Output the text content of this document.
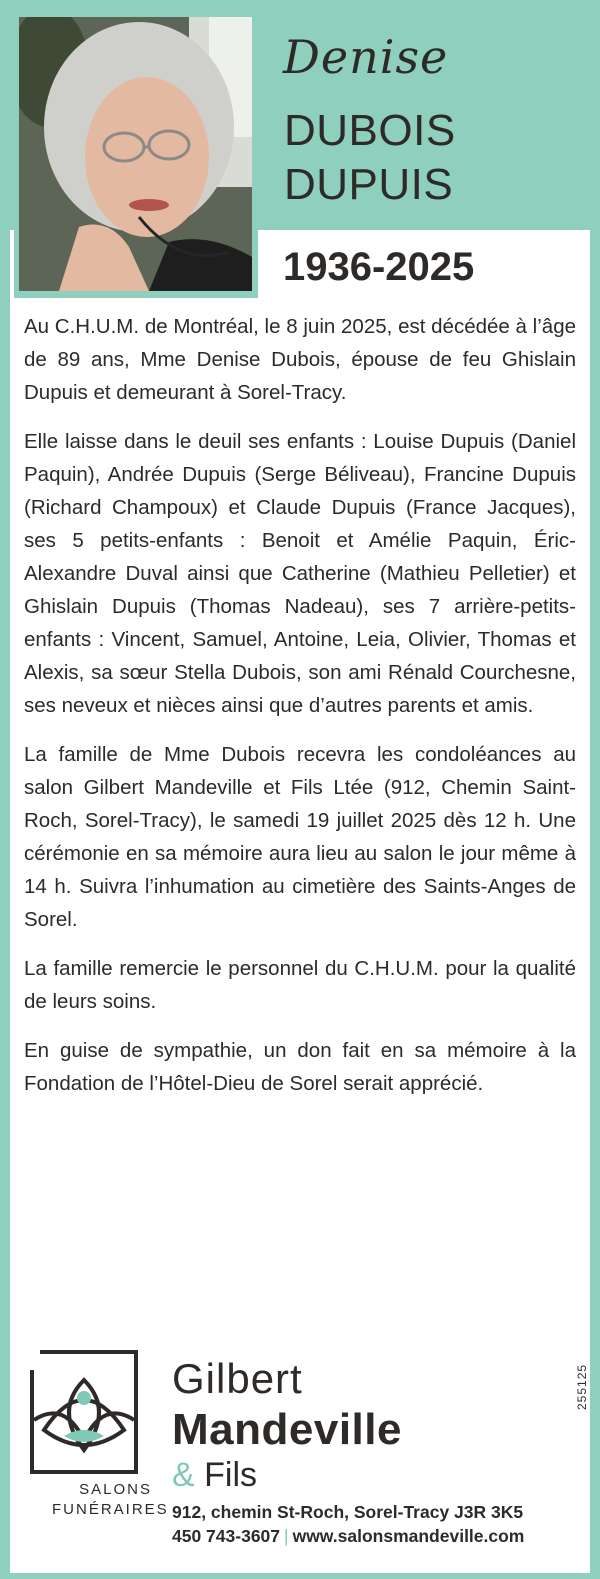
Denise
DUBOIS
DUPUIS
1936-2025

Au C.H.U.M. de Montréal, le 8 juin 2025, est décédée à l’âge de 89 ans, Mme Denise Dubois, épouse de feu Ghislain Dupuis et demeurant à Sorel-Tracy.

Elle laisse dans le deuil ses enfants : Louise Dupuis (Daniel Paquin), Andrée Dupuis (Serge Béliveau), Francine Dupuis (Richard Champoux) et Claude Dupuis (France Jacques), ses 5 petits-enfants : Benoit et Amélie Paquin, Éric-Alexandre Duval ainsi que Catherine (Mathieu Pelletier) et Ghislain Dupuis (Thomas Nadeau), ses 7 arrière-petits-enfants : Vincent, Samuel, Antoine, Leia, Olivier, Thomas et Alexis, sa sœur Stella Dubois, son ami Rénald Courchesne, ses neveux et nièces ainsi que d’autres parents et amis.

La famille de Mme Dubois recevra les condoléances au salon Gilbert Mandeville et Fils Ltée (912, Chemin Saint-Roch, Sorel-Tracy), le samedi 19 juillet 2025 dès 12 h. Une cérémonie en sa mémoire aura lieu au salon le jour même à 14 h. Suivra l’inhumation au cimetière des Saints-Anges de Sorel.

La famille remercie le personnel du C.H.U.M. pour la qualité de leurs soins.

En guise de sympathie, un don fait en sa mémoire à la Fondation de l’Hôtel-Dieu de Sorel serait apprécié.

Gilbert
Mandeville
& Fils
SALONS
FUNÉRAIRES 912, chemin St-Roch, Sorel-Tracy J3R 3K5
450 743-3607 | www.salonsmandeville.com
255125
